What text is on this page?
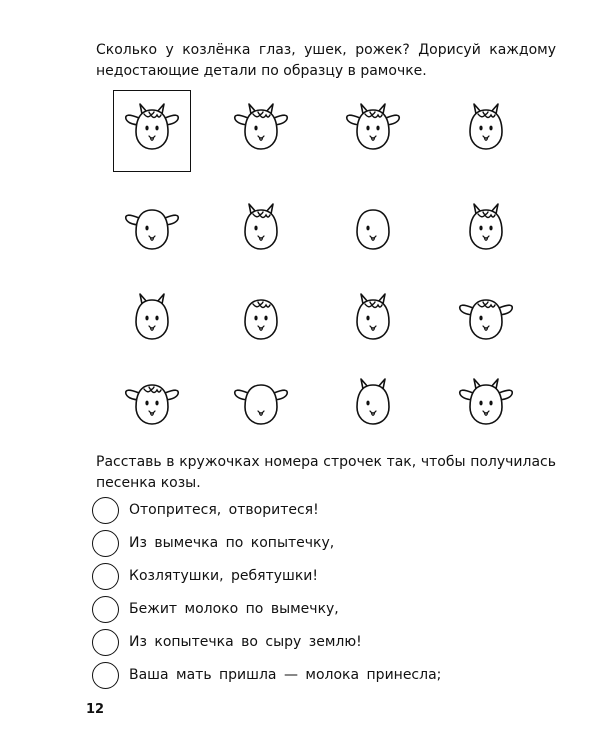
Сколько у козлёнка глаз, ушек, рожек? Дорисуй каждому недостающие детали по образцу в рамочке.

Расставь в кружочках номера строчек так, чтобы получилась песенка козы.

Отопритеся, отворитеся!
Из вымечка по копытечку,
Козлятушки, ребятушки!
Бежит молоко по вымечку,
Из копытечка во сыру землю!
Ваша мать пришла — молока принесла;
12
